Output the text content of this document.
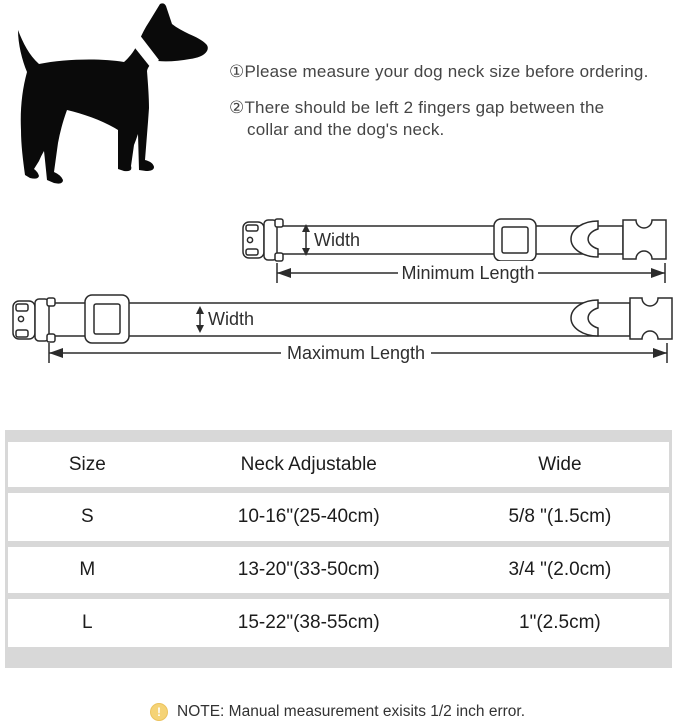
① Please measure your dog neck size before ordering.
② There should be left 2 fingers gap between the
collar and the dog's neck.
Width
Minimum Length
Width
Maximum Length
Size	Neck Adjustable	Wide
S	10-16"(25-40cm)	5/8 "(1.5cm)
M	13-20"(33-50cm)	3/4 "(2.0cm)
L	15-22"(38-55cm)	1"(2.5cm)
!	NOTE: Manual measurement exisits 1/2 inch error.
